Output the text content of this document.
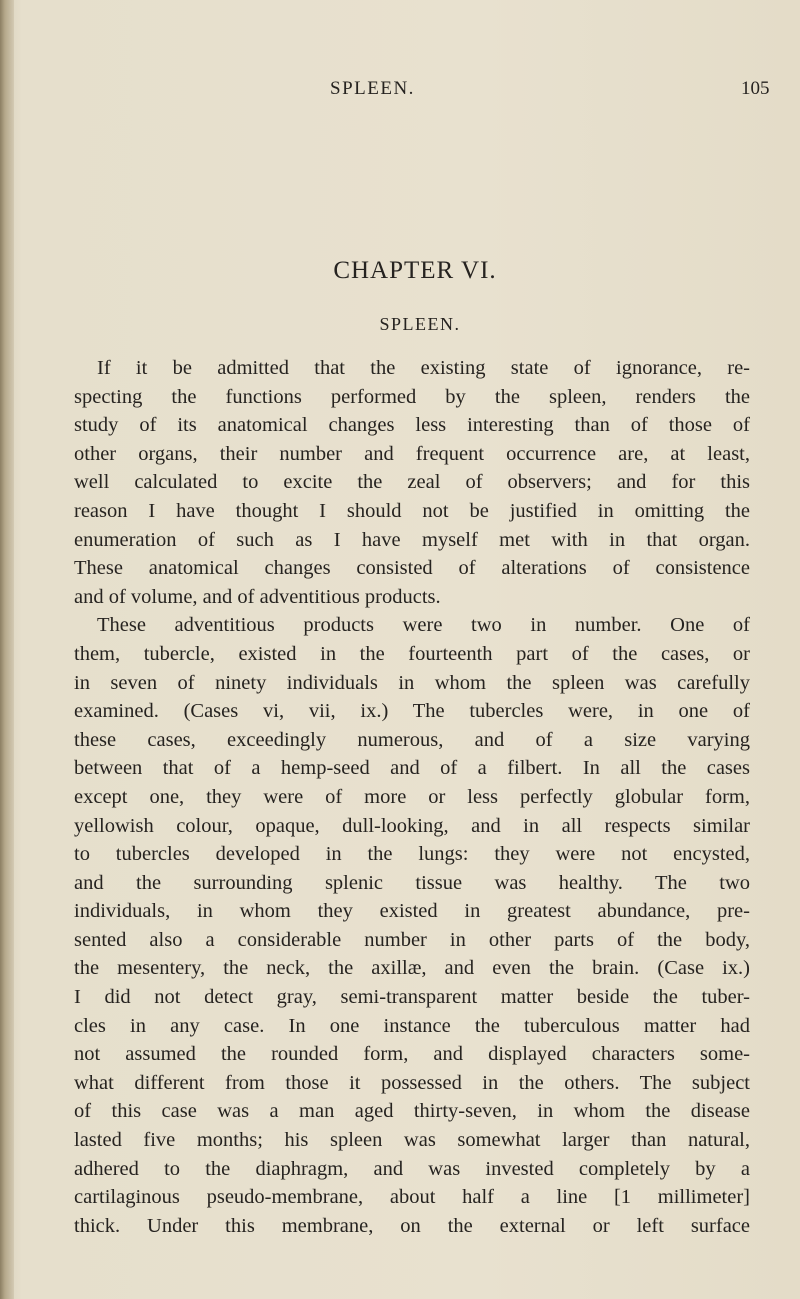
SPLEEN.	105
CHAPTER VI.
SPLEEN.
If it be admitted that the existing state of ignorance, re-
specting the functions performed by the spleen, renders the
study of its anatomical changes less interesting than of those of
other organs, their number and frequent occurrence are, at least,
well calculated to excite the zeal of observers; and for this
reason I have thought I should not be justified in omitting the
enumeration of such as I have myself met with in that organ.
These anatomical changes consisted of alterations of consistence
and of volume, and of adventitious products.
These adventitious products were two in number. One of
them, tubercle, existed in the fourteenth part of the cases, or
in seven of ninety individuals in whom the spleen was carefully
examined. (Cases vi, vii, ix.) The tubercles were, in one of
these cases, exceedingly numerous, and of a size varying
between that of a hemp-seed and of a filbert. In all the cases
except one, they were of more or less perfectly globular form,
yellowish colour, opaque, dull-looking, and in all respects similar
to tubercles developed in the lungs: they were not encysted,
and the surrounding splenic tissue was healthy. The two
individuals, in whom they existed in greatest abundance, pre-
sented also a considerable number in other parts of the body,
the mesentery, the neck, the axillæ, and even the brain. (Case ix.)
I did not detect gray, semi-transparent matter beside the tuber-
cles in any case. In one instance the tuberculous matter had
not assumed the rounded form, and displayed characters some-
what different from those it possessed in the others. The subject
of this case was a man aged thirty-seven, in whom the disease
lasted five months; his spleen was somewhat larger than natural,
adhered to the diaphragm, and was invested completely by a
cartilaginous pseudo-membrane, about half a line [1 millimeter]
thick. Under this membrane, on the external or left surface
